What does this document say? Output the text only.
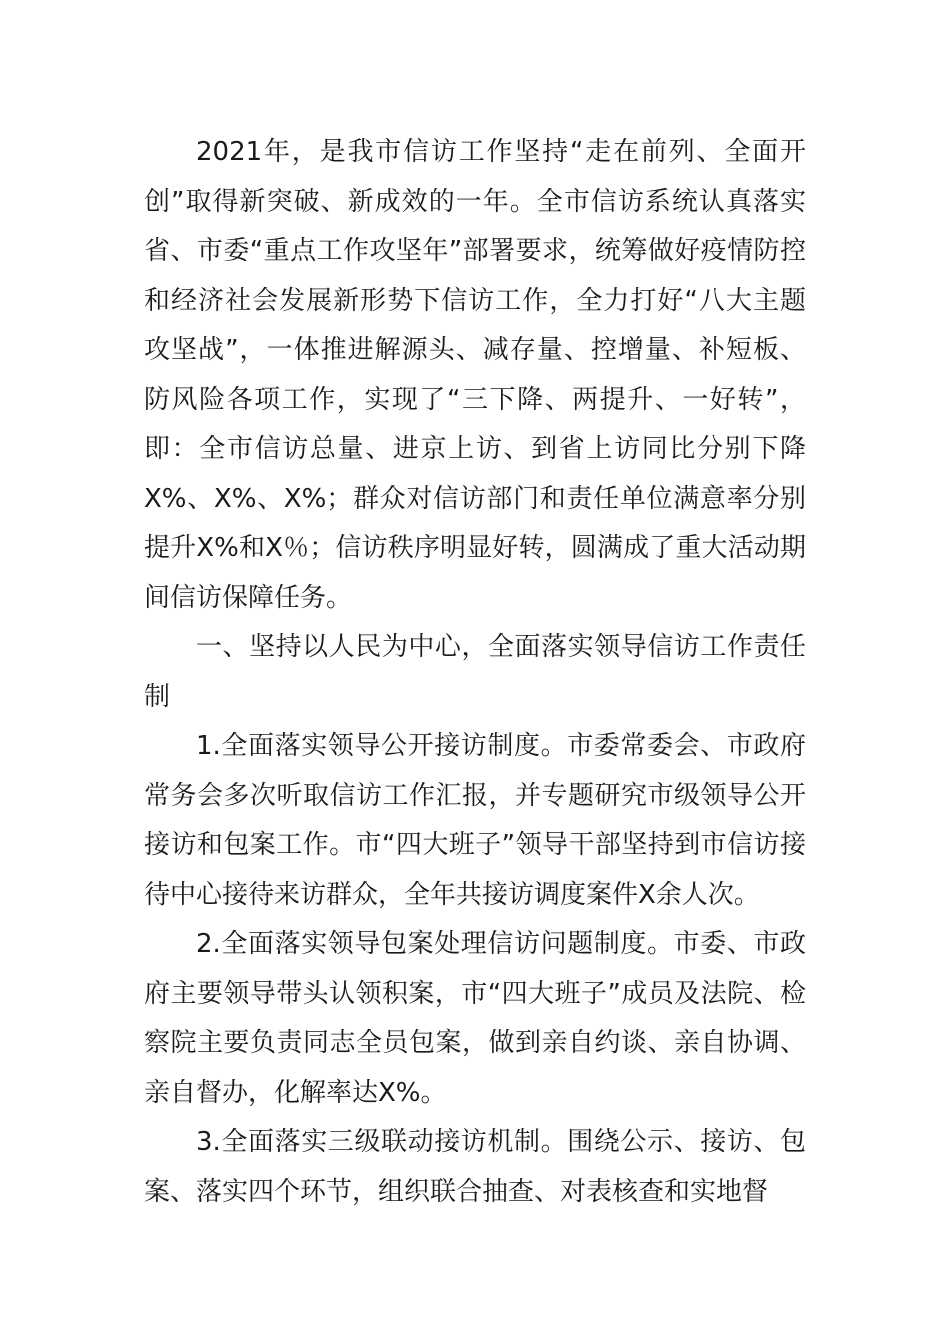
2021年，是我市信访工作坚持“走在前列、全面开创”取得新突破、新成效的一年。全市信访系统认真落实省、市委“重点工作攻坚年”部署要求，统筹做好疫情防控和经济社会发展新形势下信访工作，全力打好“八大主题攻坚战”，一体推进解源头、减存量、控增量、补短板、防风险各项工作，实现了“三下降、两提升、一好转”，即：全市信访总量、进京上访、到省上访同比分别下降X%、X%、X%；群众对信访部门和责任单位满意率分别提升X%和X％；信访秩序明显好转，圆满成了重大活动期间信访保障任务。

一、坚持以人民为中心，全面落实领导信访工作责任制

1.全面落实领导公开接访制度。市委常委会、市政府常务会多次听取信访工作汇报，并专题研究市级领导公开接访和包案工作。市“四大班子”领导干部坚持到市信访接待中心接待来访群众，全年共接访调度案件X余人次。

2.全面落实领导包案处理信访问题制度。市委、市政府主要领导带头认领积案，市“四大班子”成员及法院、检察院主要负责同志全员包案，做到亲自约谈、亲自协调、亲自督办，化解率达X%。

3.全面落实三级联动接访机制。围绕公示、接访、包案、落实四个环节，组织联合抽查、对表核查和实地督
